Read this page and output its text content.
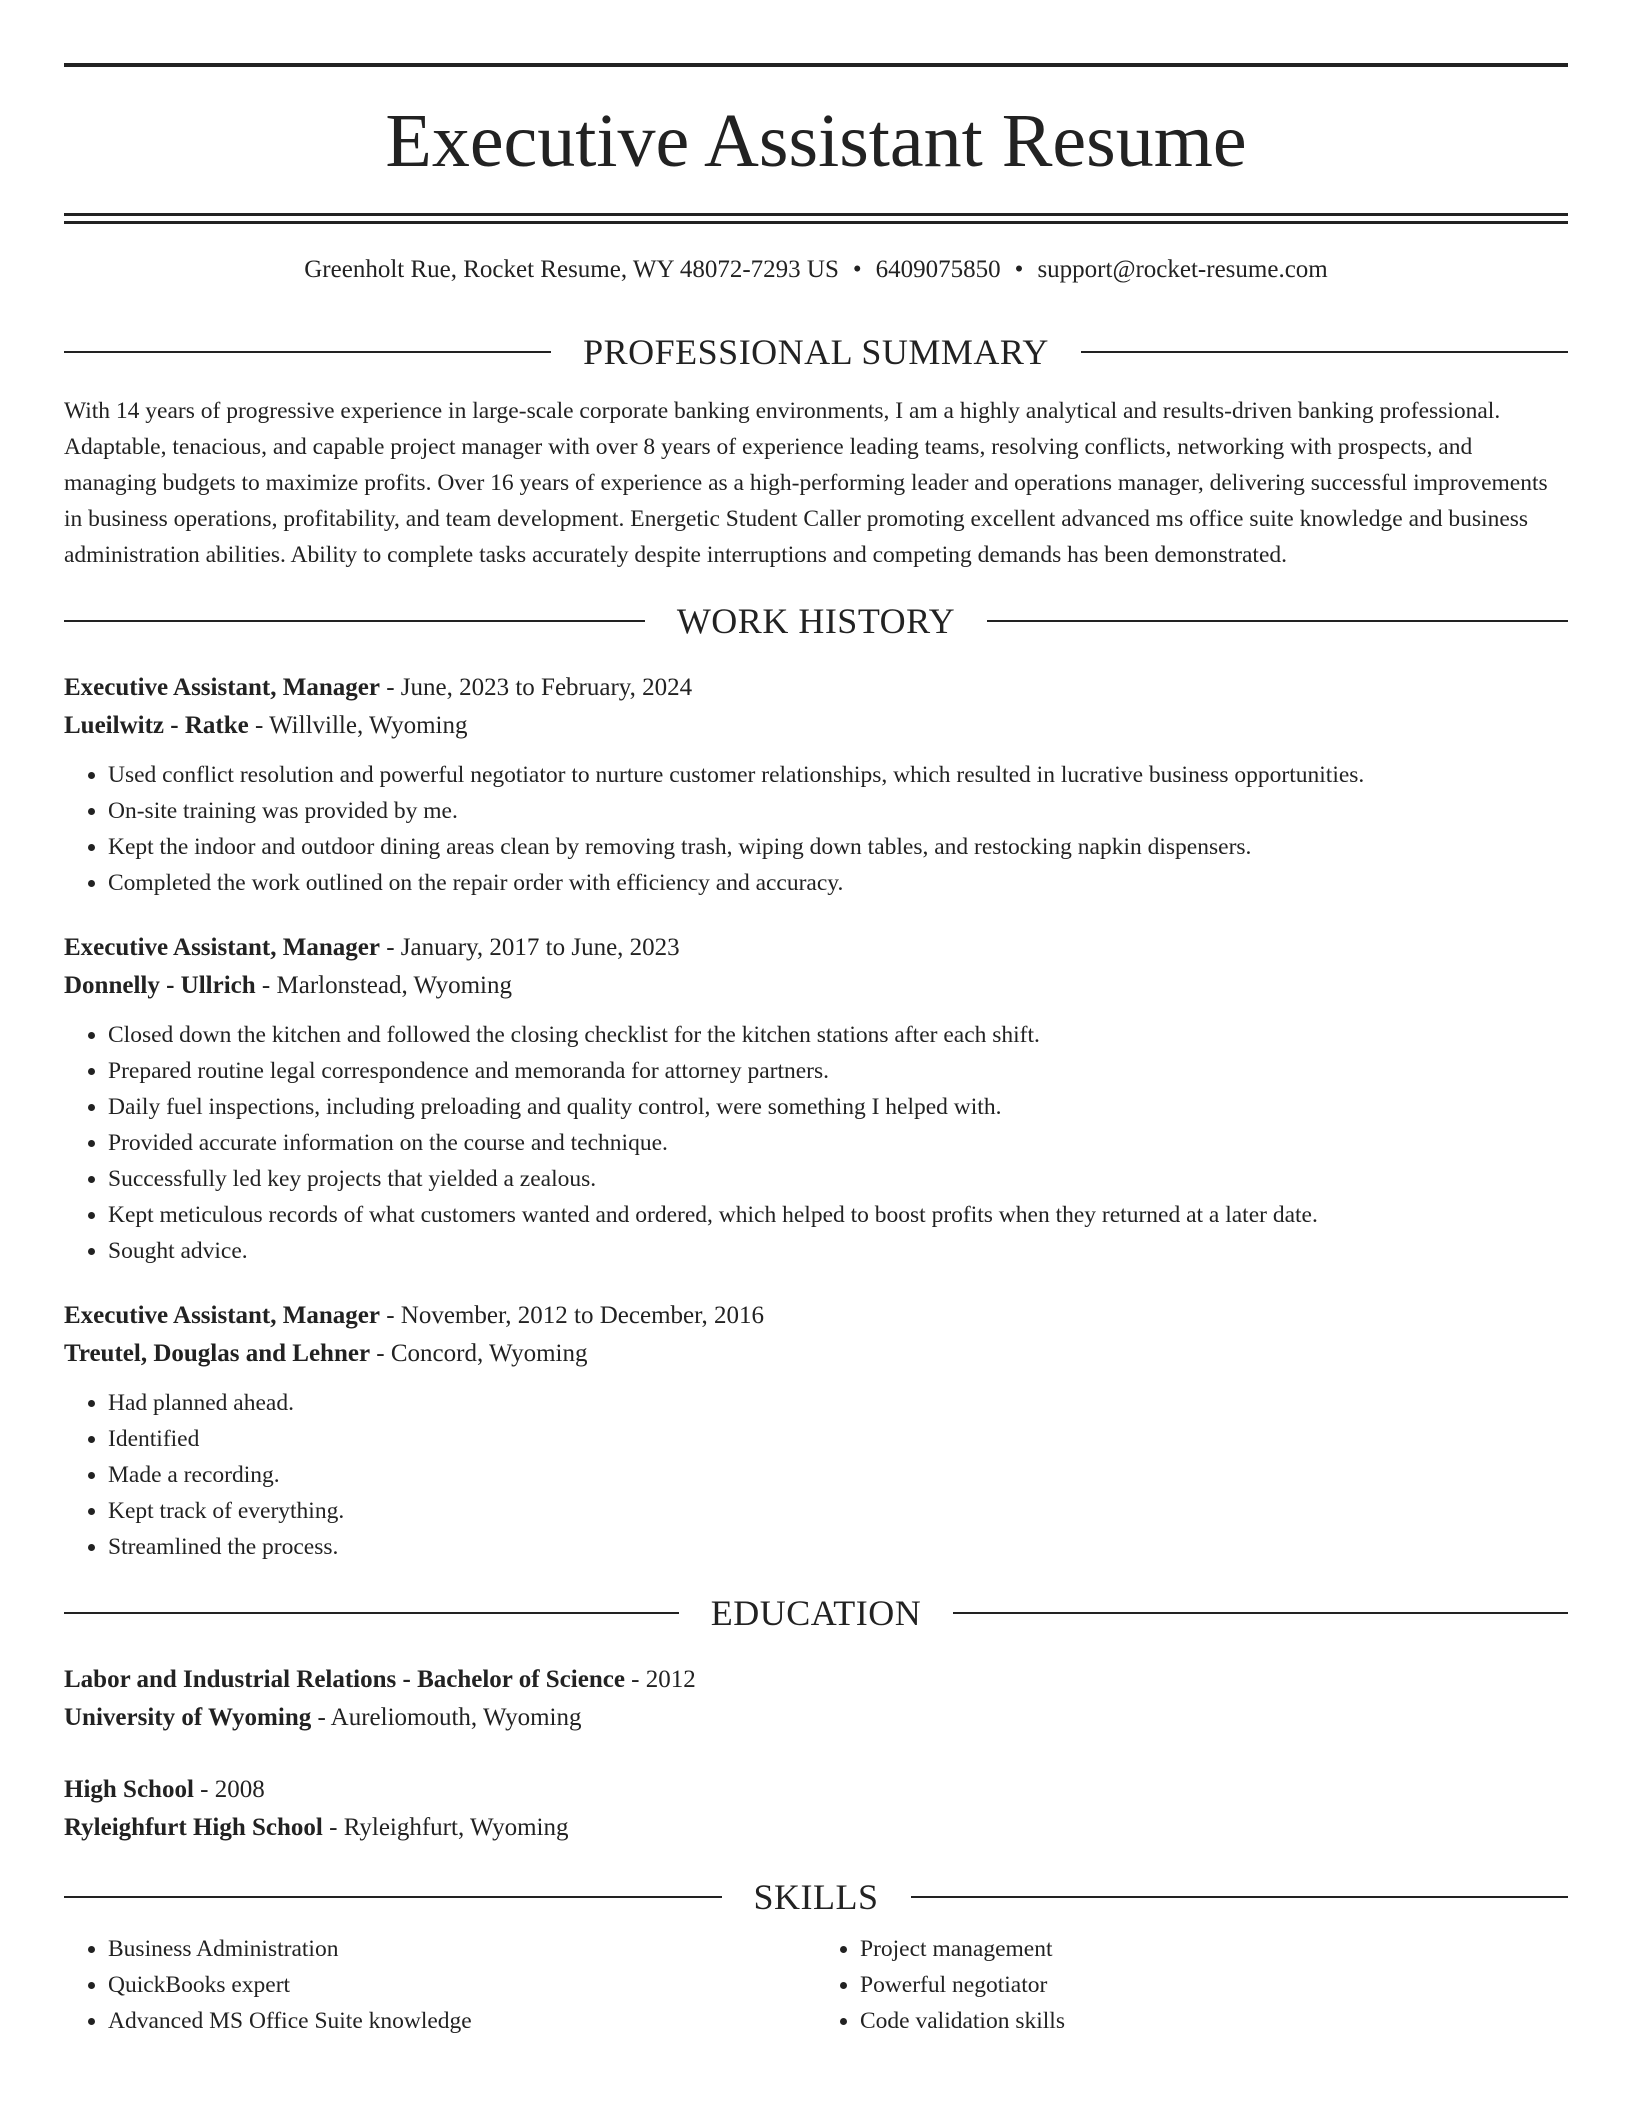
Executive Assistant Resume
Greenholt Rue, Rocket Resume, WY 48072-7293 US • 6409075850 • support@rocket-resume.com
PROFESSIONAL SUMMARY
With 14 years of progressive experience in large-scale corporate banking environments, I am a highly analytical and results-driven banking professional. Adaptable, tenacious, and capable project manager with over 8 years of experience leading teams, resolving conflicts, networking with prospects, and managing budgets to maximize profits. Over 16 years of experience as a high-performing leader and operations manager, delivering successful improvements in business operations, profitability, and team development. Energetic Student Caller promoting excellent advanced ms office suite knowledge and business administration abilities. Ability to complete tasks accurately despite interruptions and competing demands has been demonstrated.
WORK HISTORY
Executive Assistant, Manager - June, 2023 to February, 2024
Lueilwitz - Ratke - Willville, Wyoming
• Used conflict resolution and powerful negotiator to nurture customer relationships, which resulted in lucrative business opportunities.
• On-site training was provided by me.
• Kept the indoor and outdoor dining areas clean by removing trash, wiping down tables, and restocking napkin dispensers.
• Completed the work outlined on the repair order with efficiency and accuracy.
Executive Assistant, Manager - January, 2017 to June, 2023
Donnelly - Ullrich - Marlonstead, Wyoming
• Closed down the kitchen and followed the closing checklist for the kitchen stations after each shift.
• Prepared routine legal correspondence and memoranda for attorney partners.
• Daily fuel inspections, including preloading and quality control, were something I helped with.
• Provided accurate information on the course and technique.
• Successfully led key projects that yielded a zealous.
• Kept meticulous records of what customers wanted and ordered, which helped to boost profits when they returned at a later date.
• Sought advice.
Executive Assistant, Manager - November, 2012 to December, 2016
Treutel, Douglas and Lehner - Concord, Wyoming
• Had planned ahead.
• Identified
• Made a recording.
• Kept track of everything.
• Streamlined the process.
EDUCATION
Labor and Industrial Relations - Bachelor of Science - 2012
University of Wyoming - Aureliomouth, Wyoming
High School - 2008
Ryleighfurt High School - Ryleighfurt, Wyoming
SKILLS
• Business Administration
• QuickBooks expert
• Advanced MS Office Suite knowledge
• Project management
• Powerful negotiator
• Code validation skills
